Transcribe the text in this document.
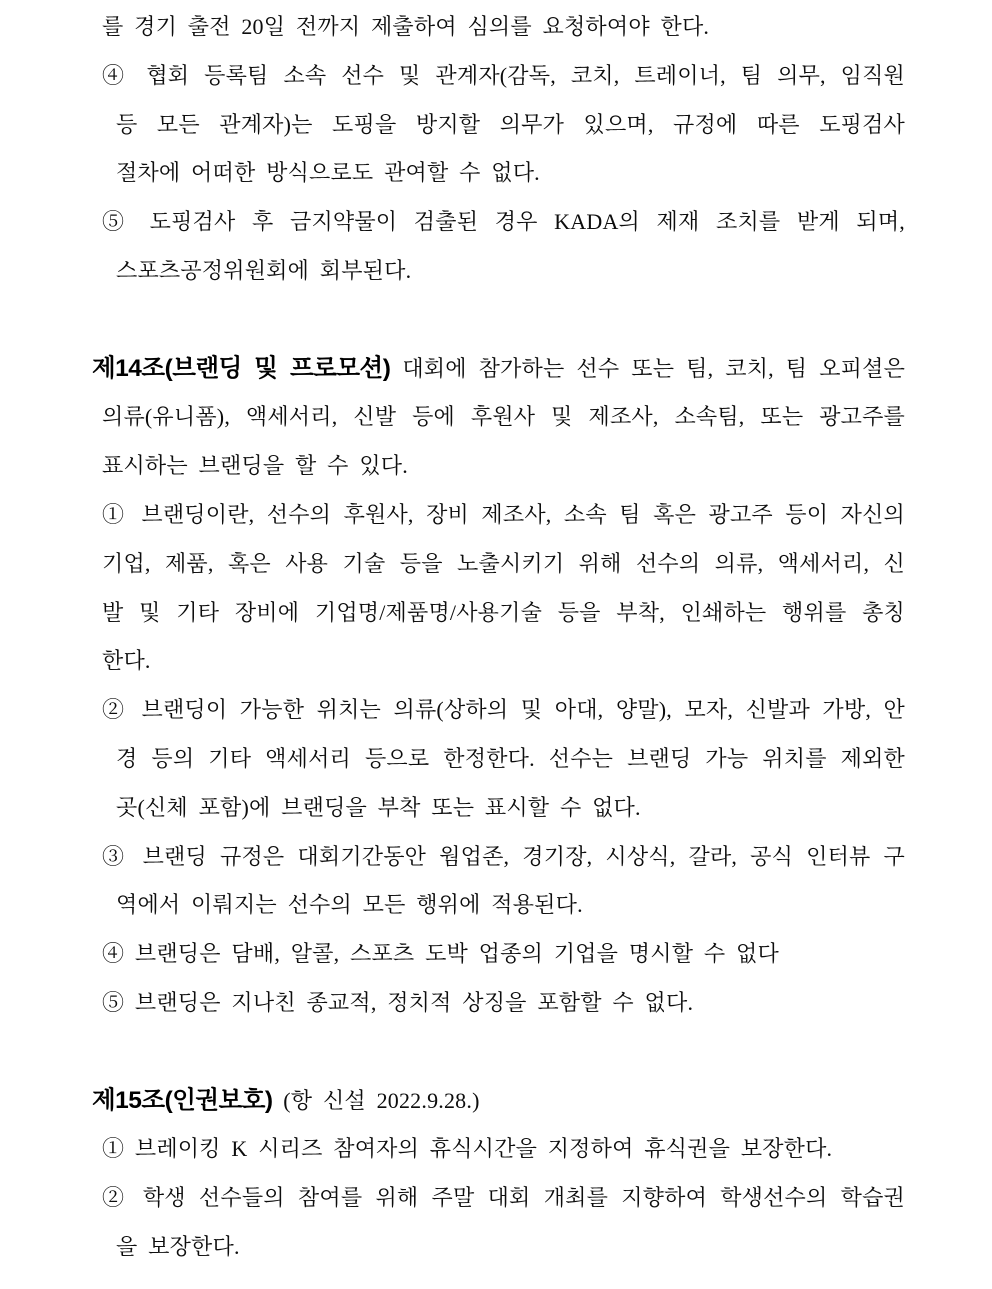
를 경기 출전 20일 전까지 제출하여 심의를 요청하여야 한다.
④ 협회 등록팀 소속 선수 및 관계자(감독, 코치, 트레이너, 팀 의무, 임직원
등 모든 관계자)는 도핑을 방지할 의무가 있으며, 규정에 따른 도핑검사
절차에 어떠한 방식으로도 관여할 수 없다.
⑤ 도핑검사 후 금지약물이 검출된 경우 KADA의 제재 조치를 받게 되며,
스포츠공정위원회에 회부된다.
제14조(브랜딩 및 프로모션) 대회에 참가하는 선수 또는 팀, 코치, 팀 오피셜은
의류(유니폼), 액세서리, 신발 등에 후원사 및 제조사, 소속팀, 또는 광고주를
표시하는 브랜딩을 할 수 있다.
① 브랜딩이란, 선수의 후원사, 장비 제조사, 소속 팀 혹은 광고주 등이 자신의
기업, 제품, 혹은 사용 기술 등을 노출시키기 위해 선수의 의류, 액세서리, 신
발 및 기타 장비에 기업명/제품명/사용기술 등을 부착, 인쇄하는 행위를 총칭
한다.
② 브랜딩이 가능한 위치는 의류(상하의 및 아대, 양말), 모자, 신발과 가방, 안
경 등의 기타 액세서리 등으로 한정한다. 선수는 브랜딩 가능 위치를 제외한
곳(신체 포함)에 브랜딩을 부착 또는 표시할 수 없다.
③ 브랜딩 규정은 대회기간동안 웜업존, 경기장, 시상식, 갈라, 공식 인터뷰 구
역에서 이뤄지는 선수의 모든 행위에 적용된다.
④ 브랜딩은 담배, 알콜, 스포츠 도박 업종의 기업을 명시할 수 없다
⑤ 브랜딩은 지나친 종교적, 정치적 상징을 포함할 수 없다.
제15조(인권보호) (항 신설 2022.9.28.)
① 브레이킹 K 시리즈 참여자의 휴식시간을 지정하여 휴식권을 보장한다.
② 학생 선수들의 참여를 위해 주말 대회 개최를 지향하여 학생선수의 학습권
을 보장한다.
